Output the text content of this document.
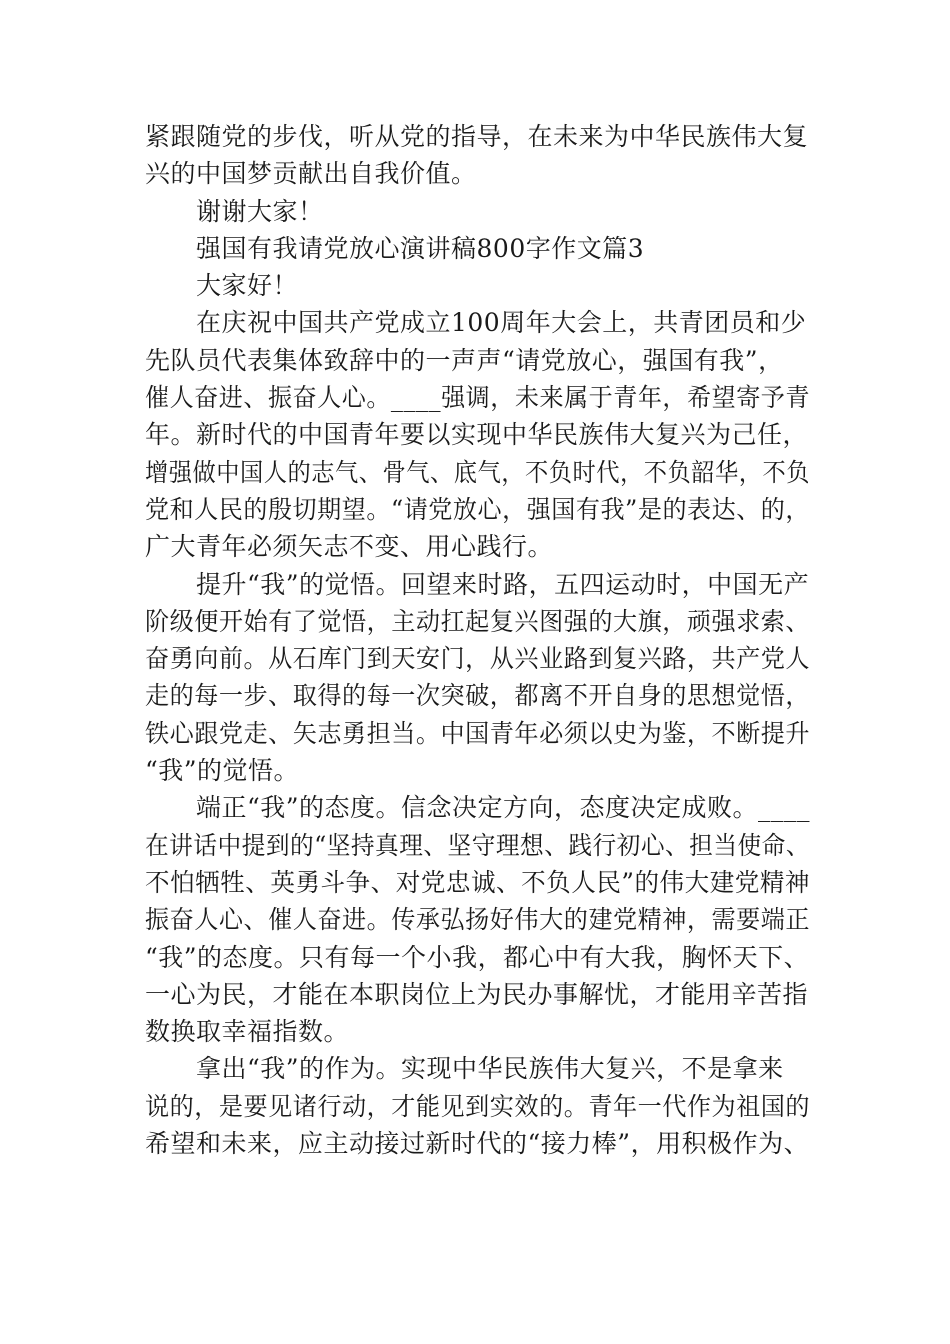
紧跟随党的步伐，听从党的指导，在未来为中华民族伟大复
兴的中国梦贡献出自我价值。
谢谢大家！
强国有我请党放心演讲稿800字作文篇3
大家好！
在庆祝中国共产党成立100周年大会上，共青团员和少
先队员代表集体致辞中的一声声“请党放心，强国有我”，
催人奋进、振奋人心。____强调，未来属于青年，希望寄予青
年。新时代的中国青年要以实现中华民族伟大复兴为己任，
增强做中国人的志气、骨气、底气，不负时代，不负韶华，不负
党和人民的殷切期望。“请党放心，强国有我”是的表达、的，
广大青年必须矢志不变、用心践行。
提升“我”的觉悟。回望来时路，五四运动时，中国无产
阶级便开始有了觉悟，主动扛起复兴图强的大旗，顽强求索、
奋勇向前。从石库门到天安门，从兴业路到复兴路，共产党人
走的每一步、取得的每一次突破，都离不开自身的思想觉悟，
铁心跟党走、矢志勇担当。中国青年必须以史为鉴，不断提升
“我”的觉悟。
端正“我”的态度。信念决定方向，态度决定成败。____
在讲话中提到的“坚持真理、坚守理想、践行初心、担当使命、
不怕牺牲、英勇斗争、对党忠诚、不负人民”的伟大建党精神
振奋人心、催人奋进。传承弘扬好伟大的建党精神，需要端正
“我”的态度。只有每一个小我，都心中有大我，胸怀天下、
一心为民，才能在本职岗位上为民办事解忧，才能用辛苦指
数换取幸福指数。
拿出“我”的作为。实现中华民族伟大复兴，不是拿来
说的，是要见诸行动，才能见到实效的。青年一代作为祖国的
希望和未来，应主动接过新时代的“接力棒”，用积极作为、
